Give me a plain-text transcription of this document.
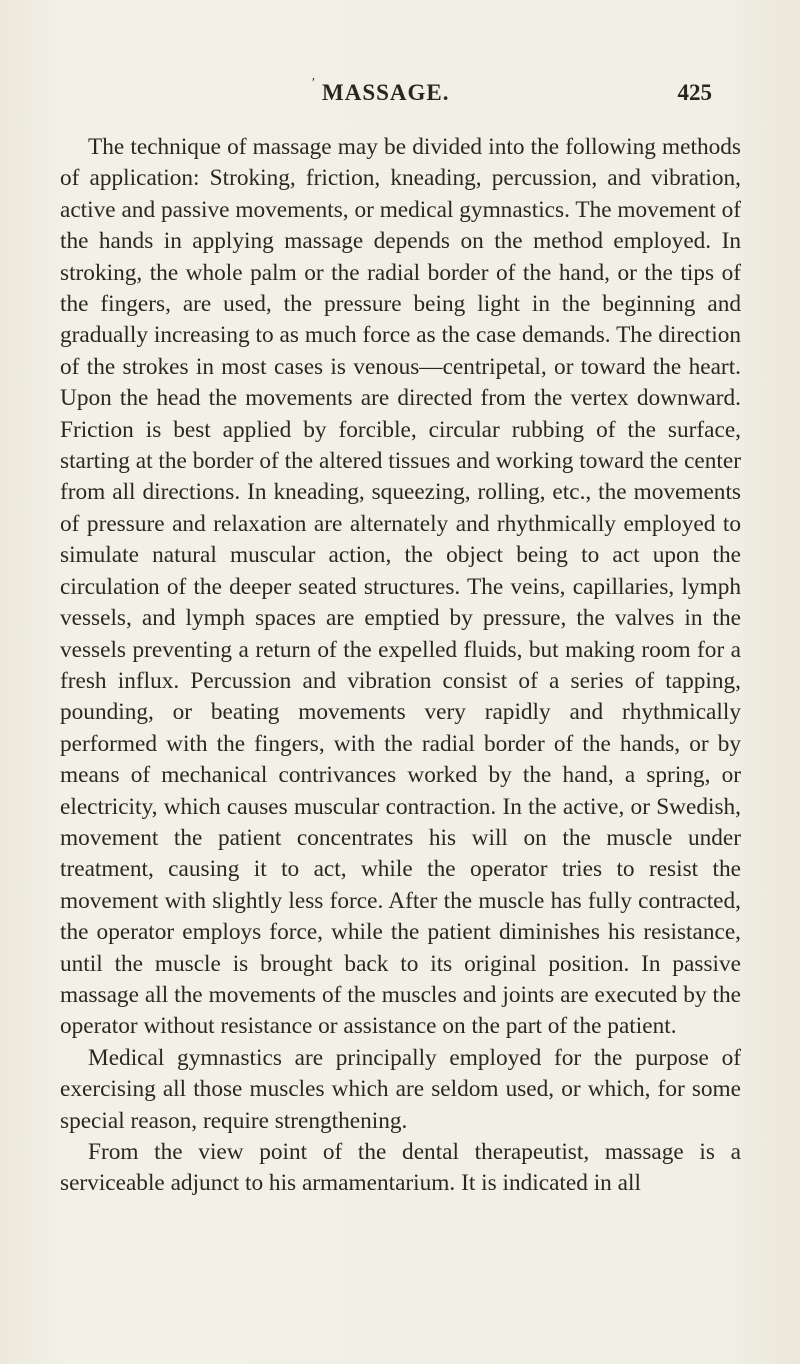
′ MASSAGE.	425

The technique of massage may be divided into the following methods of application: Stroking, friction, kneading, percussion, and vibration, active and passive movements, or medical gymnastics. The movement of the hands in applying massage depends on the method employed. In stroking, the whole palm or the radial border of the hand, or the tips of the fingers, are used, the pressure being light in the beginning and gradually increasing to as much force as the case demands. The direction of the strokes in most cases is venous—centripetal, or toward the heart. Upon the head the movements are directed from the vertex downward. Friction is best applied by forcible, circular rubbing of the surface, starting at the border of the altered tissues and working toward the center from all directions. In kneading, squeezing, rolling, etc., the movements of pressure and relaxation are alternately and rhythmically employed to simulate natural muscular action, the object being to act upon the circulation of the deeper seated structures. The veins, capillaries, lymph vessels, and lymph spaces are emptied by pressure, the valves in the vessels preventing a return of the expelled fluids, but making room for a fresh influx. Percussion and vibration consist of a series of tapping, pounding, or beating movements very rapidly and rhythmically performed with the fingers, with the radial border of the hands, or by means of mechanical contrivances worked by the hand, a spring, or electricity, which causes muscular contraction. In the active, or Swedish, movement the patient concentrates his will on the muscle under treatment, causing it to act, while the operator tries to resist the movement with slightly less force. After the muscle has fully contracted, the operator employs force, while the patient diminishes his resistance, until the muscle is brought back to its original position. In passive massage all the movements of the muscles and joints are executed by the operator without resistance or assistance on the part of the patient.

Medical gymnastics are principally employed for the purpose of exercising all those muscles which are seldom used, or which, for some special reason, require strengthening.

From the view point of the dental therapeutist, massage is a serviceable adjunct to his armamentarium. It is indicated in all
